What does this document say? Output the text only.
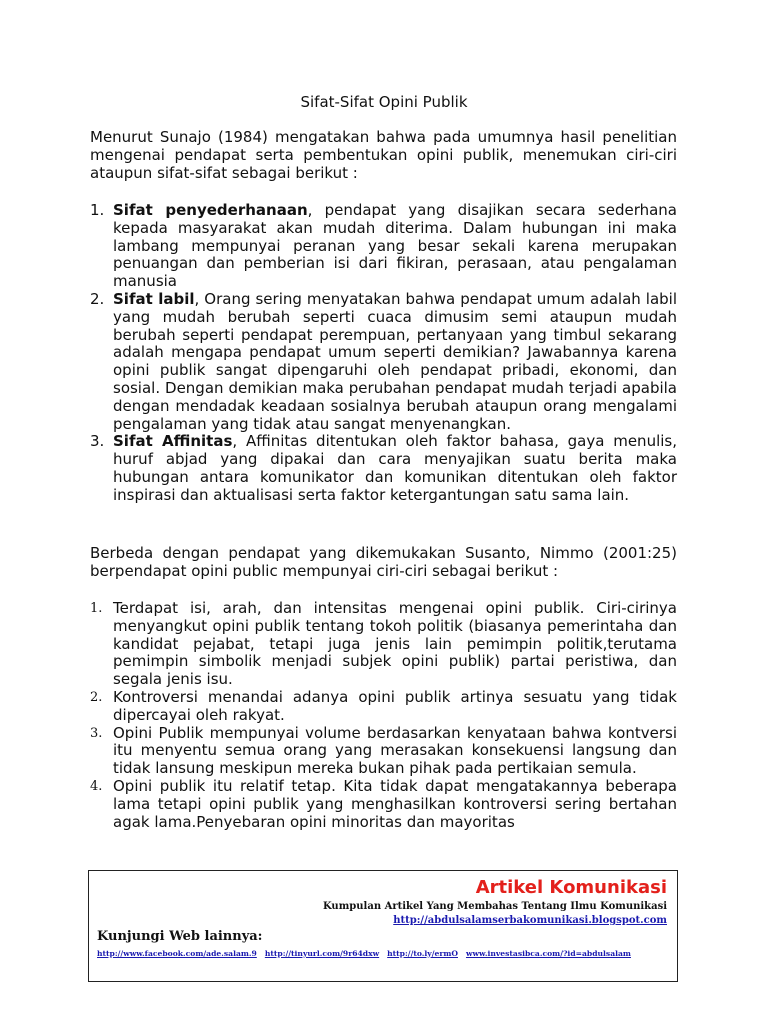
Sifat-Sifat Opini Publik
Menurut Sunajo (1984) mengatakan bahwa pada umumnya hasil penelitian mengenai pendapat serta pembentukan opini publik, menemukan ciri-ciri ataupun sifat-sifat sebagai berikut :
1. Sifat penyederhanaan, pendapat yang disajikan secara sederhana kepada masyarakat akan mudah diterima. Dalam hubungan ini maka lambang mempunyai peranan yang besar sekali karena merupakan penuangan dan pemberian isi dari fikiran, perasaan, atau pengalaman manusia
2. Sifat labil, Orang sering menyatakan bahwa pendapat umum adalah labil yang mudah berubah seperti cuaca dimusim semi ataupun mudah berubah seperti pendapat perempuan, pertanyaan yang timbul sekarang adalah mengapa pendapat umum seperti demikian? Jawabannya karena opini publik sangat dipengaruhi oleh pendapat pribadi, ekonomi, dan sosial. Dengan demikian maka perubahan pendapat mudah terjadi apabila dengan mendadak keadaan sosialnya berubah ataupun orang mengalami pengalaman yang tidak atau sangat menyenangkan.
3. Sifat Affinitas, Affinitas ditentukan oleh faktor bahasa, gaya menulis, huruf abjad yang dipakai dan cara menyajikan suatu berita maka hubungan antara komunikator dan komunikan ditentukan oleh faktor inspirasi dan aktualisasi serta faktor ketergantungan satu sama lain.
Berbeda dengan pendapat yang dikemukakan Susanto, Nimmo (2001:25) berpendapat opini public mempunyai ciri-ciri sebagai berikut :
1. Terdapat isi, arah, dan intensitas mengenai opini publik. Ciri-cirinya menyangkut opini publik tentang tokoh politik (biasanya pemerintaha dan kandidat pejabat, tetapi juga jenis lain pemimpin politik,terutama pemimpin simbolik menjadi subjek opini publik) partai peristiwa, dan segala jenis isu.
2. Kontroversi menandai adanya opini publik artinya sesuatu yang tidak dipercayai oleh rakyat.
3. Opini Publik mempunyai volume berdasarkan kenyataan bahwa kontversi itu menyentu semua orang yang merasakan konsekuensi langsung dan tidak lansung meskipun mereka bukan pihak pada pertikaian semula.
4. Opini publik itu relatif tetap. Kita tidak dapat mengatakannya beberapa lama tetapi opini publik yang menghasilkan kontroversi sering bertahan agak lama.Penyebaran opini minoritas dan mayoritas
Artikel Komunikasi
Kumpulan Artikel Yang Membahas Tentang Ilmu Komunikasi
http://abdulsalamserbakomunikasi.blogspot.com
Kunjungi Web lainnya:
http://www.facebook.com/ade.salam.9 http://tinyurl.com/9r64dxw http://to.ly/ermO www.investasibca.com/?id=abdulsalam
